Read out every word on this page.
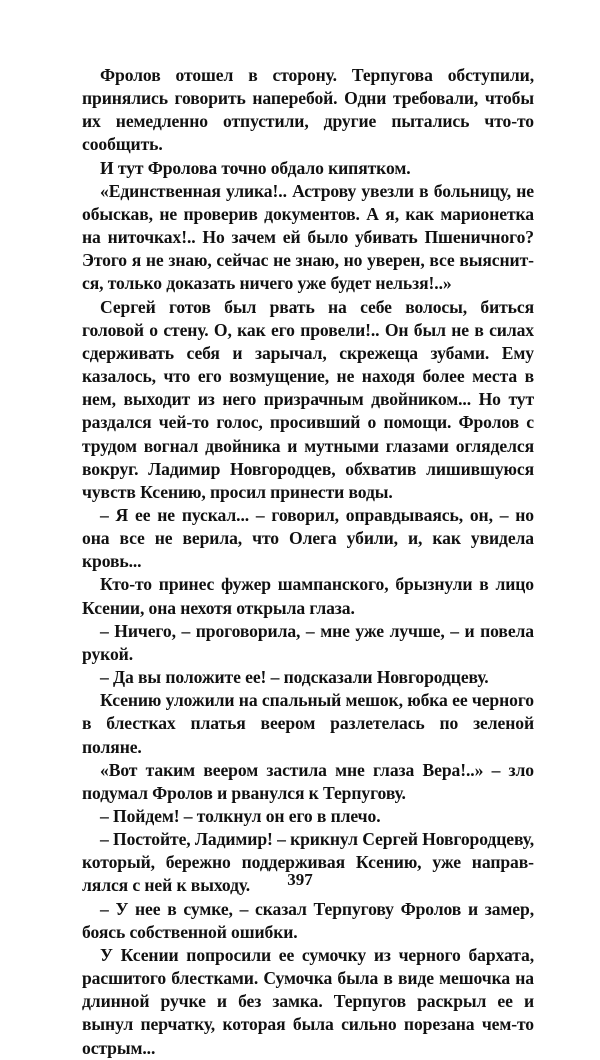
Фролов отошел в сторону. Терпугова обступили, принялись говорить наперебой. Одни требовали, чтобы их немедленно отпустили, другие пытались что-то сообщить.

И тут Фролова точно обдало кипятком.

«Единственная улика!.. Астрову увезли в больницу, не обыскав, не проверив документов. А я, как марионетка на ниточках!.. Но зачем ей было убивать Пшеничного? Этого я не знаю, сейчас не знаю, но уверен, все выяснится, только доказать ничего уже будет нельзя!..»

Сергей готов был рвать на себе волосы, биться головой о стену. О, как его провели!.. Он был не в силах сдерживать себя и зарычал, скрежеща зубами. Ему казалось, что его возмущение, не находя более места в нем, выходит из него призрачным двойником... Но тут раздался чей-то голос, просивший о помощи. Фролов с трудом вогнал двойника и мутными глазами огляделся вокруг. Ладимир Новгородцев, обхватив лишившуюся чувств Ксению, просил принести воды.

– Я ее не пускал... – говорил, оправдываясь, он, – но она все не верила, что Олега убили, и, как увидела кровь...

Кто-то принес фужер шампанского, брызнули в лицо Ксении, она нехотя открыла глаза.

– Ничего, – проговорила, – мне уже лучше, – и повела рукой.

– Да вы положите ее! – подсказали Новгородцеву.

Ксению уложили на спальный мешок, юбка ее черного в блестках платья веером разлетелась по зеленой поляне.

«Вот таким веером застила мне глаза Вера!..» – зло подумал Фролов и рванулся к Терпугову.

– Пойдем! – толкнул он его в плечо.

– Постойте, Ладимир! – крикнул Сергей Новгородцеву, который, бережно поддерживая Ксению, уже направлялся с ней к выходу.

– У нее в сумке, – сказал Терпугову Фролов и замер, боясь собственной ошибки.

У Ксении попросили ее сумочку из черного бархата, расшитого блестками. Сумочка была в виде мешочка на длинной ручке и без замка. Терпугов раскрыл ее и вынул перчатку, которая была сильно порезана чем-то острым...

397
